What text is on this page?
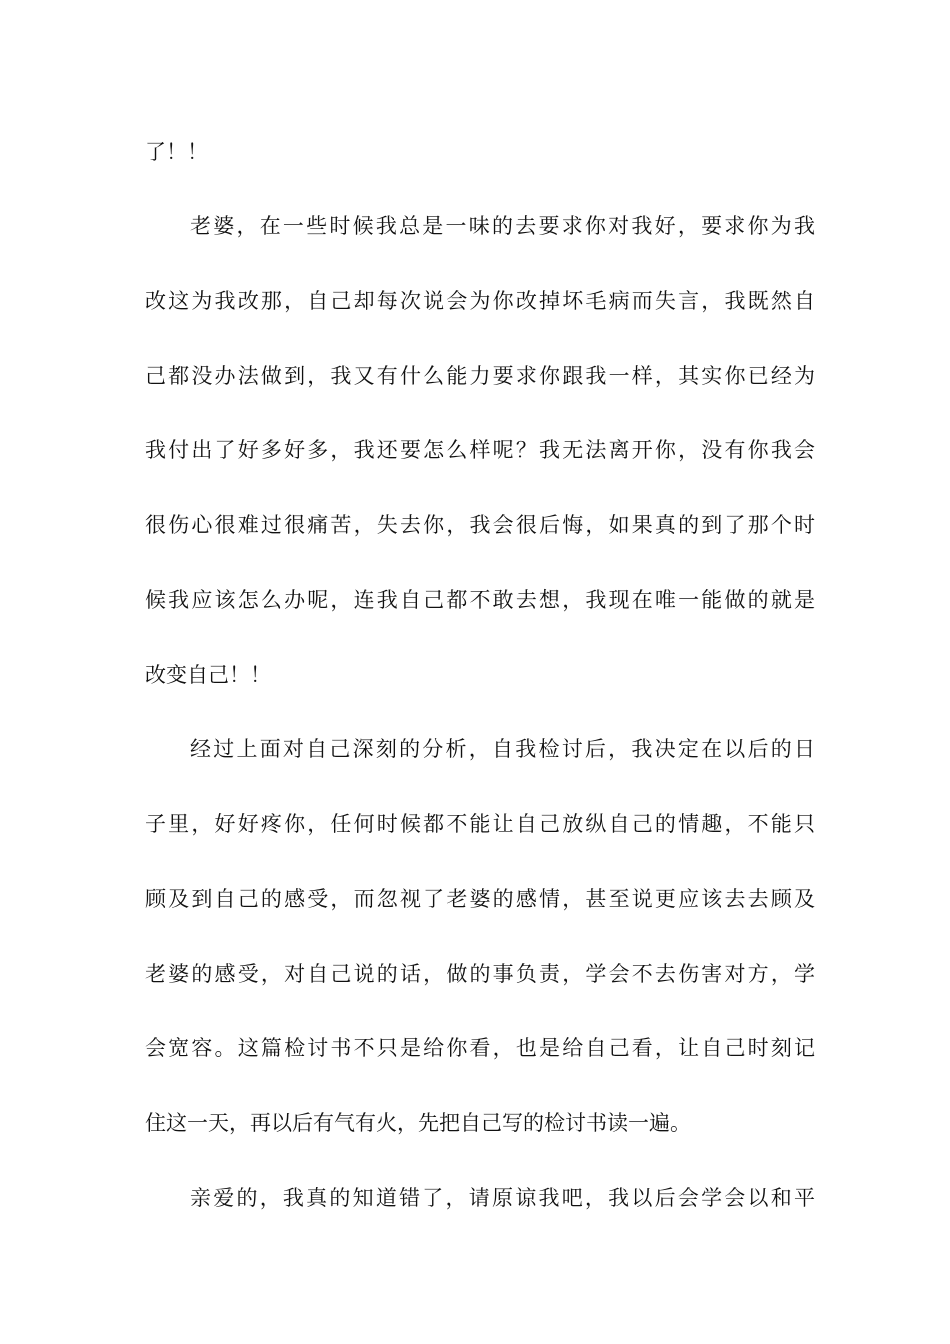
了！！
老婆，在一些时候我总是一味的去要求你对我好，要求你为我
改这为我改那，自己却每次说会为你改掉坏毛病而失言，我既然自
己都没办法做到，我又有什么能力要求你跟我一样，其实你已经为
我付出了好多好多，我还要怎么样呢？我无法离开你，没有你我会
很伤心很难过很痛苦，失去你，我会很后悔，如果真的到了那个时
候我应该怎么办呢，连我自己都不敢去想，我现在唯一能做的就是
改变自己！！
经过上面对自己深刻的分析，自我检讨后，我决定在以后的日
子里，好好疼你，任何时候都不能让自己放纵自己的情趣，不能只
顾及到自己的感受，而忽视了老婆的感情，甚至说更应该去去顾及
老婆的感受，对自己说的话，做的事负责，学会不去伤害对方，学
会宽容。这篇检讨书不只是给你看，也是给自己看，让自己时刻记
住这一天，再以后有气有火，先把自己写的检讨书读一遍。
亲爱的，我真的知道错了，请原谅我吧，我以后会学会以和平
